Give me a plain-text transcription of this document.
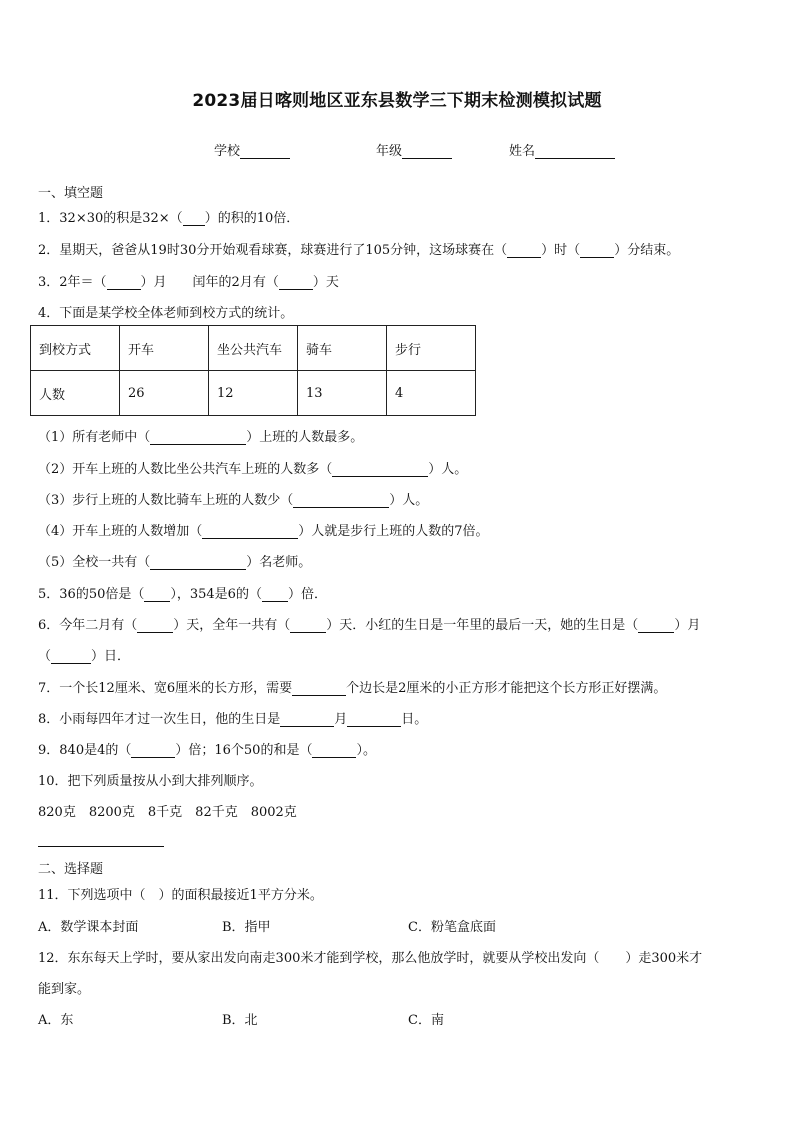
2023届日喀则地区亚东县数学三下期末检测模拟试题
学校	年级	姓名
一、填空题
1．32×30的积是32×（ ）的积的10倍．
2．星期天，爸爸从19时30分开始观看球赛，球赛进行了105分钟，这场球赛在（	）时（	）分结束。
3．2年＝（	）月　　闰年的2月有（	）天
4．下面是某学校全体老师到校方式的统计。
到校方式	开车	坐公共汽车	骑车	步行
人数	26	12	13	4
（1）所有老师中（	）上班的人数最多。
（2）开车上班的人数比坐公共汽车上班的人数多（	）人。
（3）步行上班的人数比骑车上班的人数少（	）人。
（4）开车上班的人数增加（	）人就是步行上班的人数的7倍。
（5）全校一共有（	）名老师。
5．36的50倍是（ ），354是6的（ ）倍．
6．今年二月有（	）天，全年一共有（	）天．小红的生日是一年里的最后一天，她的生日是（	）月
（	）日．
7．一个长12厘米、宽6厘米的长方形，需要	个边长是2厘米的小正方形才能把这个长方形正好摆满。
8．小雨每四年才过一次生日，他的生日是	月	日。
9．840是4的（	）倍；16个50的和是（	）。
10．把下列质量按从小到大排列顺序。
820克　8200克　8千克　82千克　8002克
二、选择题
11．下列选项中（　）的面积最接近1平方分米。
A．数学课本封面	B．指甲	C．粉笔盒底面
12．东东每天上学时，要从家出发向南走300米才能到学校，那么他放学时，就要从学校出发向（　　）走300米才
能到家。
A．东	B．北	C．南
